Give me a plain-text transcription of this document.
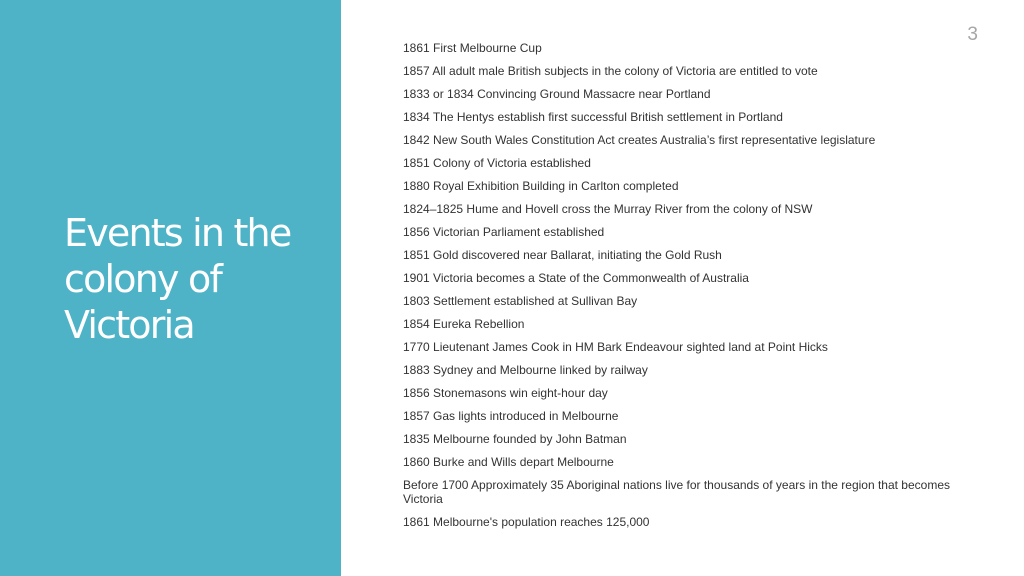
Events in the
colony of
Victoria
3
1861 First Melbourne Cup
1857 All adult male British subjects in the colony of Victoria are entitled to vote
1833 or 1834 Convincing Ground Massacre near Portland
1834 The Hentys establish first successful British settlement in Portland
1842 New South Wales Constitution Act creates Australia’s first representative legislature
1851 Colony of Victoria established
1880 Royal Exhibition Building in Carlton completed
1824–1825 Hume and Hovell cross the Murray River from the colony of NSW
1856 Victorian Parliament established
1851 Gold discovered near Ballarat, initiating the Gold Rush
1901 Victoria becomes a State of the Commonwealth of Australia
1803 Settlement established at Sullivan Bay
1854 Eureka Rebellion
1770 Lieutenant James Cook in HM Bark Endeavour sighted land at Point Hicks
1883 Sydney and Melbourne linked by railway
1856 Stonemasons win eight-hour day
1857 Gas lights introduced in Melbourne
1835 Melbourne founded by John Batman
1860 Burke and Wills depart Melbourne
Before 1700 Approximately 35 Aboriginal nations live for thousands of years in the region that becomes Victoria
1861 Melbourne's population reaches 125,000
